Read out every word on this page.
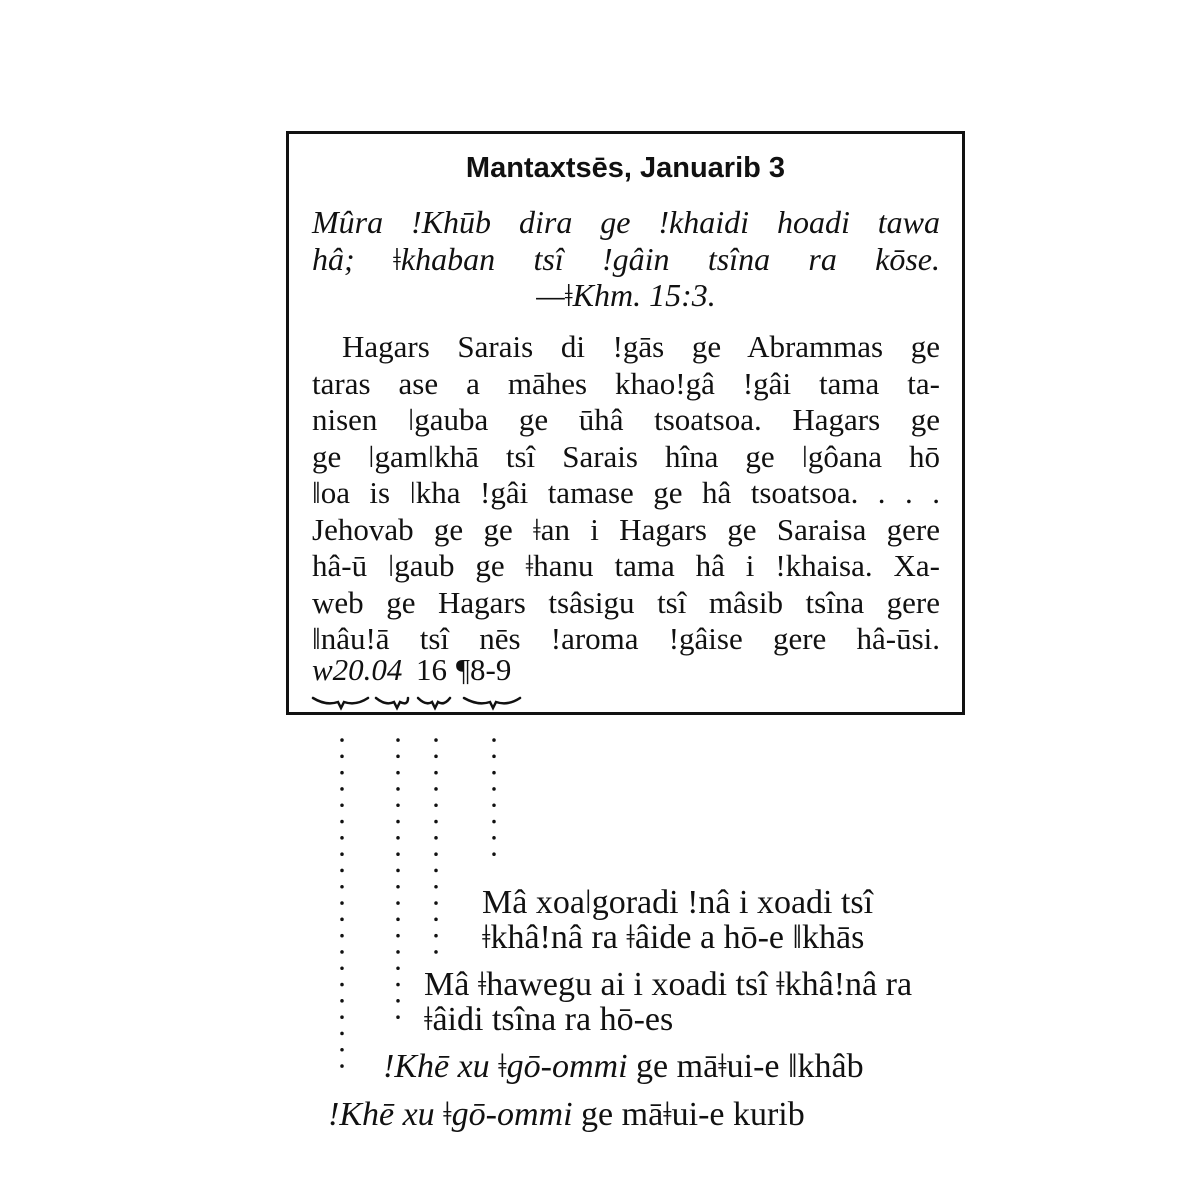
Mantaxtsēs, Januarib 3
Mûra ǃKhūb dira ge ǃkhaidi hoadi tawa
hâ; ǂkhaban tsî ǃgâin tsîna ra kōse.
—ǂKhm. 15:3.
Hagars Sarais di ǃgās ge Abrammas ge
taras ase a māhes khaoǃgâ ǃgâi tama ta-
nisen ǀgauba ge ūhâ tsoatsoa. Hagars ge
ge ǀgamǀkhā tsî Sarais hîna ge ǀgôana hō
ǁoa is ǀkha ǃgâi tamase ge hâ tsoatsoa. . . .
Jehovab ge ge ǂan i Hagars ge Saraisa gere
hâ-ū ǀgaub ge ǂhanu tama hâ i ǃkhaisa. Xa-
web ge Hagars tsâsigu tsî mâsib tsîna gere
ǁnâuǃā tsî nēs ǃaroma ǃgâise gere hâ-ūsi.
w20.04 16 ¶8-9
Mâ xoaǀgoradi ǃnâ i xoadi tsî
ǂkhâǃnâ ra ǂâide a hō-e ǁkhās
Mâ ǂhawegu ai i xoadi tsî ǂkhâǃnâ ra
ǂâidi tsîna ra hō-es
ǃKhē xu ǂgō-ommi ge māǂui-e ǁkhâb
ǃKhē xu ǂgō-ommi ge māǂui-e kurib
